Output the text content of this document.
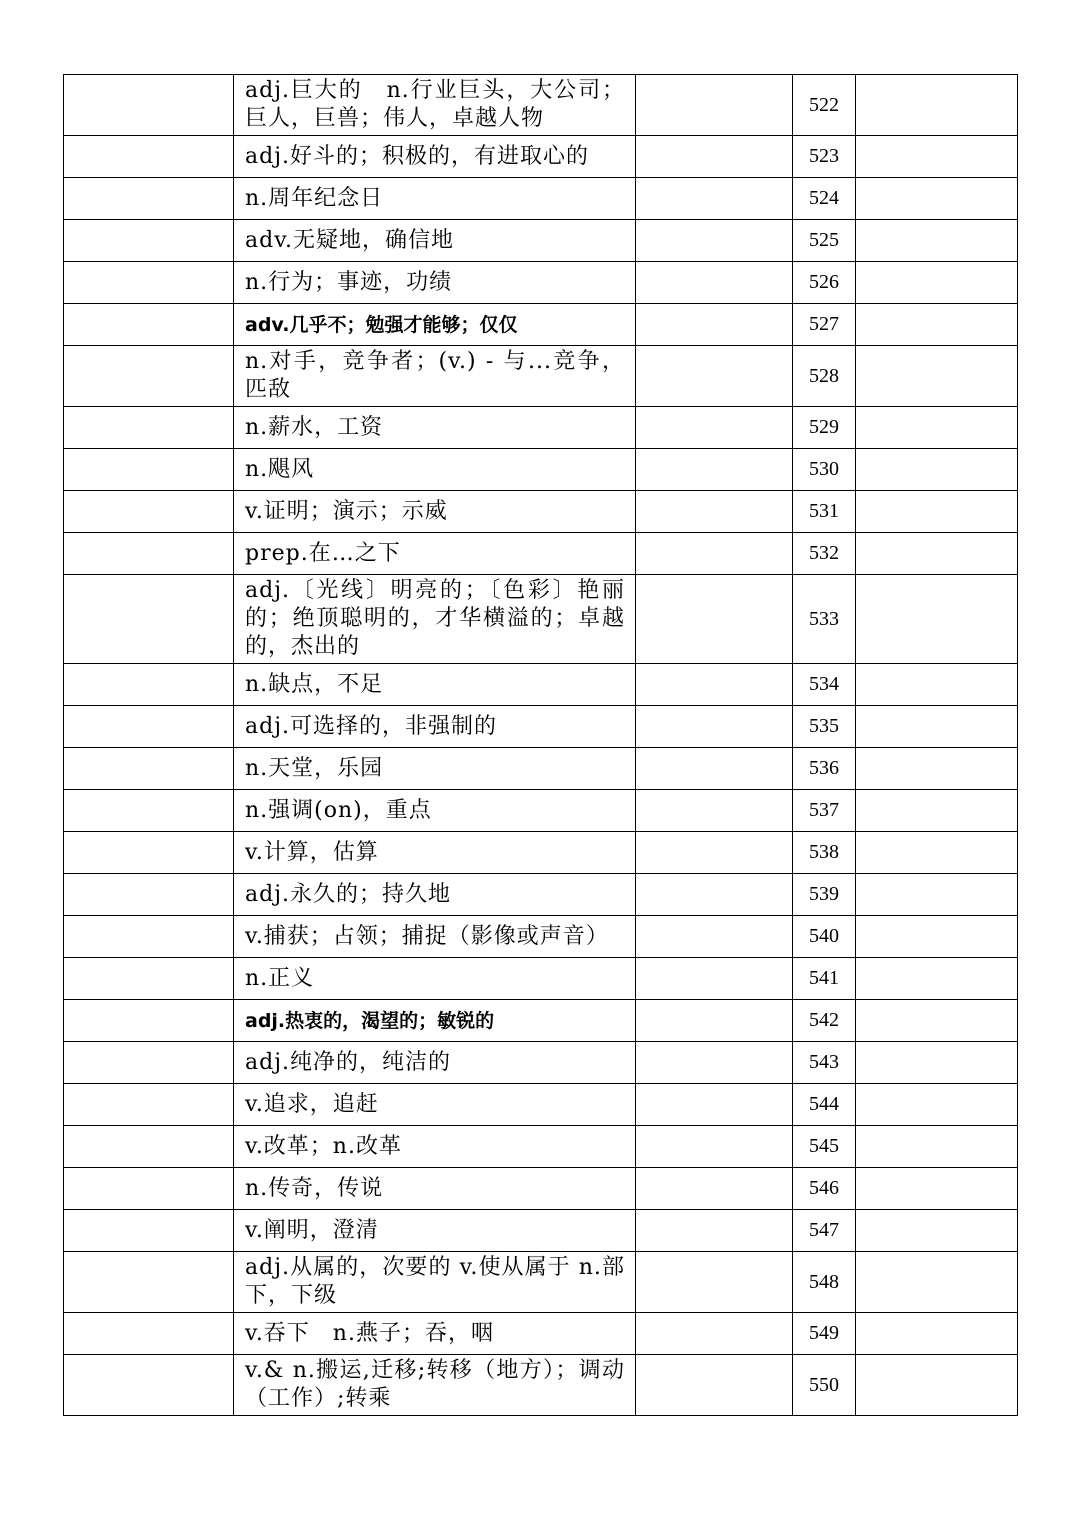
	adj.巨大的　n.行业巨头，大公司；巨人，巨兽；伟人，卓越人物		522	
	adj.好斗的；积极的，有进取心的		523	
	n.周年纪念日		524	
	adv.无疑地，确信地		525	
	n.行为；事迹，功绩		526	
	adv.几乎不；勉强才能够；仅仅		527	
	n.对手，竞争者；(v.) - 与...竞争，匹敌		528	
	n.薪水，工资		529	
	n.飓风		530	
	v.证明；演示；示威		531	
	prep.在…之下		532	
	adj.〔光线〕明亮的；〔色彩〕艳丽的；绝顶聪明的，才华横溢的；卓越的，杰出的		533	
	n.缺点，不足		534	
	adj.可选择的，非强制的		535	
	n.天堂，乐园		536	
	n.强调(on)，重点		537	
	v.计算，估算		538	
	adj.永久的；持久地		539	
	v.捕获；占领；捕捉（影像或声音）		540	
	n.正义		541	
	adj.热衷的，渴望的；敏锐的		542	
	adj.纯净的，纯洁的		543	
	v.追求，追赶		544	
	v.改革；n.改革		545	
	n.传奇，传说		546	
	v.阐明，澄清		547	
	adj.从属的，次要的 v.使从属于 n.部下，下级		548	
	v.吞下　n.燕子；吞，咽		549	
	v.& n.搬运,迁移;转移（地方）；调动（工作）;转乘		550	
